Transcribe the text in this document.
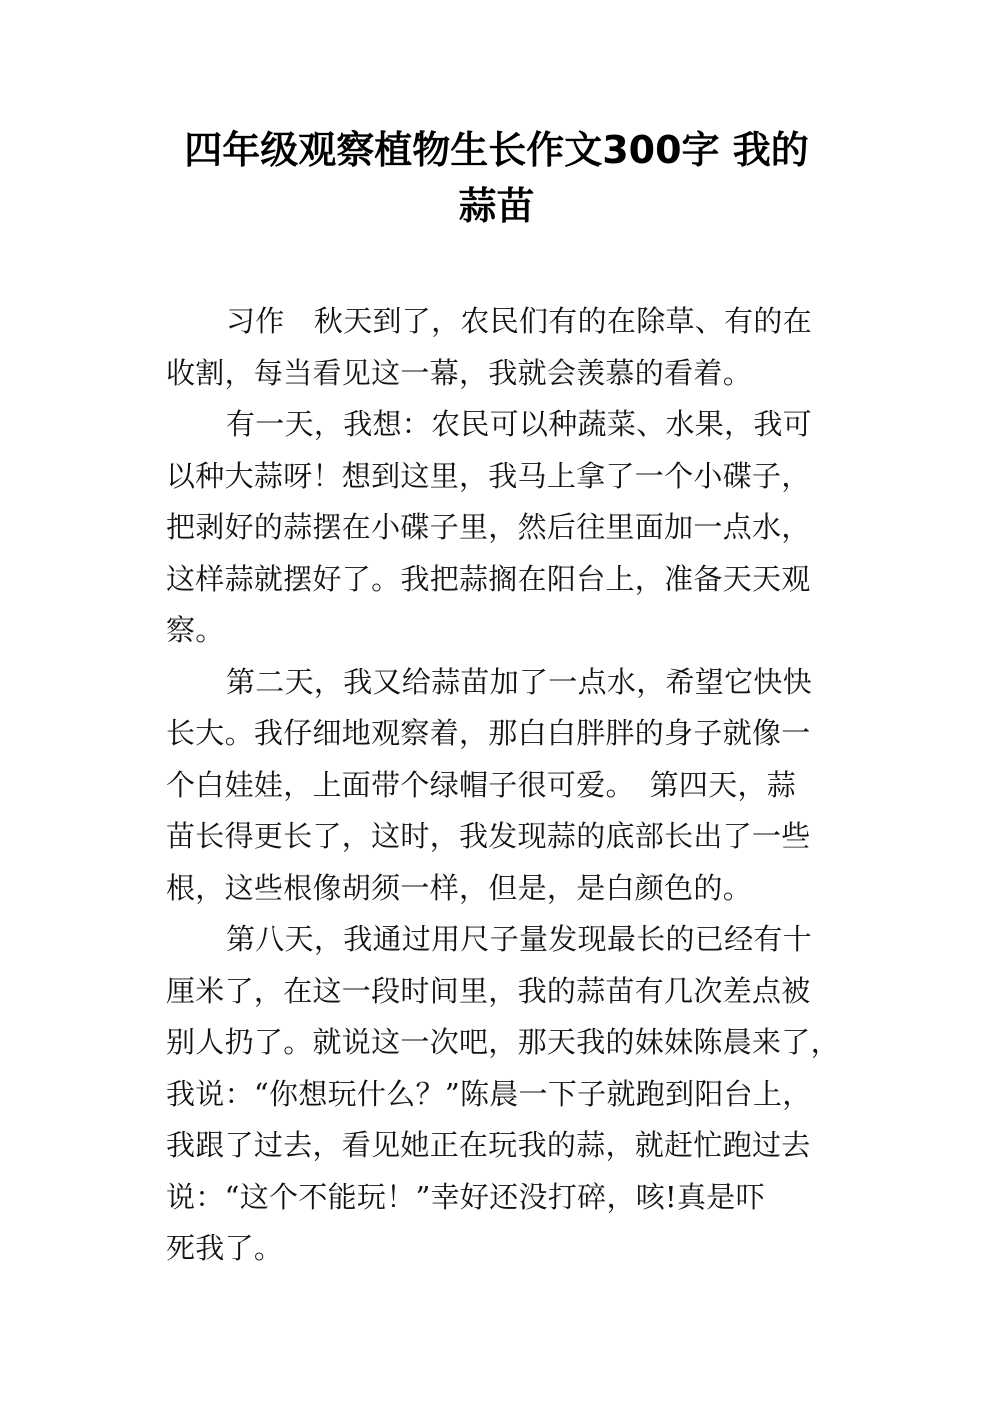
四年级观察植物生长作文300字 我的
蒜苗
习作　秋天到了，农民们有的在除草、有的在
收割，每当看见这一幕，我就会羡慕的看着。
有一天，我想：农民可以种蔬菜、水果，我可
以种大蒜呀！想到这里，我马上拿了一个小碟子，
把剥好的蒜摆在小碟子里，然后往里面加一点水，
这样蒜就摆好了。我把蒜搁在阳台上，准备天天观
察。
第二天，我又给蒜苗加了一点水，希望它快快
长大。我仔细地观察着，那白白胖胖的身子就像一
个白娃娃，上面带个绿帽子很可爱。　第四天，蒜
苗长得更长了，这时，我发现蒜的底部长出了一些
根，这些根像胡须一样，但是，是白颜色的。
第八天，我通过用尺子量发现最长的已经有十
厘米了，在这一段时间里，我的蒜苗有几次差点被
别人扔了。就说这一次吧，那天我的妹妹陈晨来了，
我说：“你想玩什么？”陈晨一下子就跑到阳台上，
我跟了过去，看见她正在玩我的蒜，就赶忙跑过去
说：“这个不能玩！”幸好还没打碎，咳!真是吓
死我了。
